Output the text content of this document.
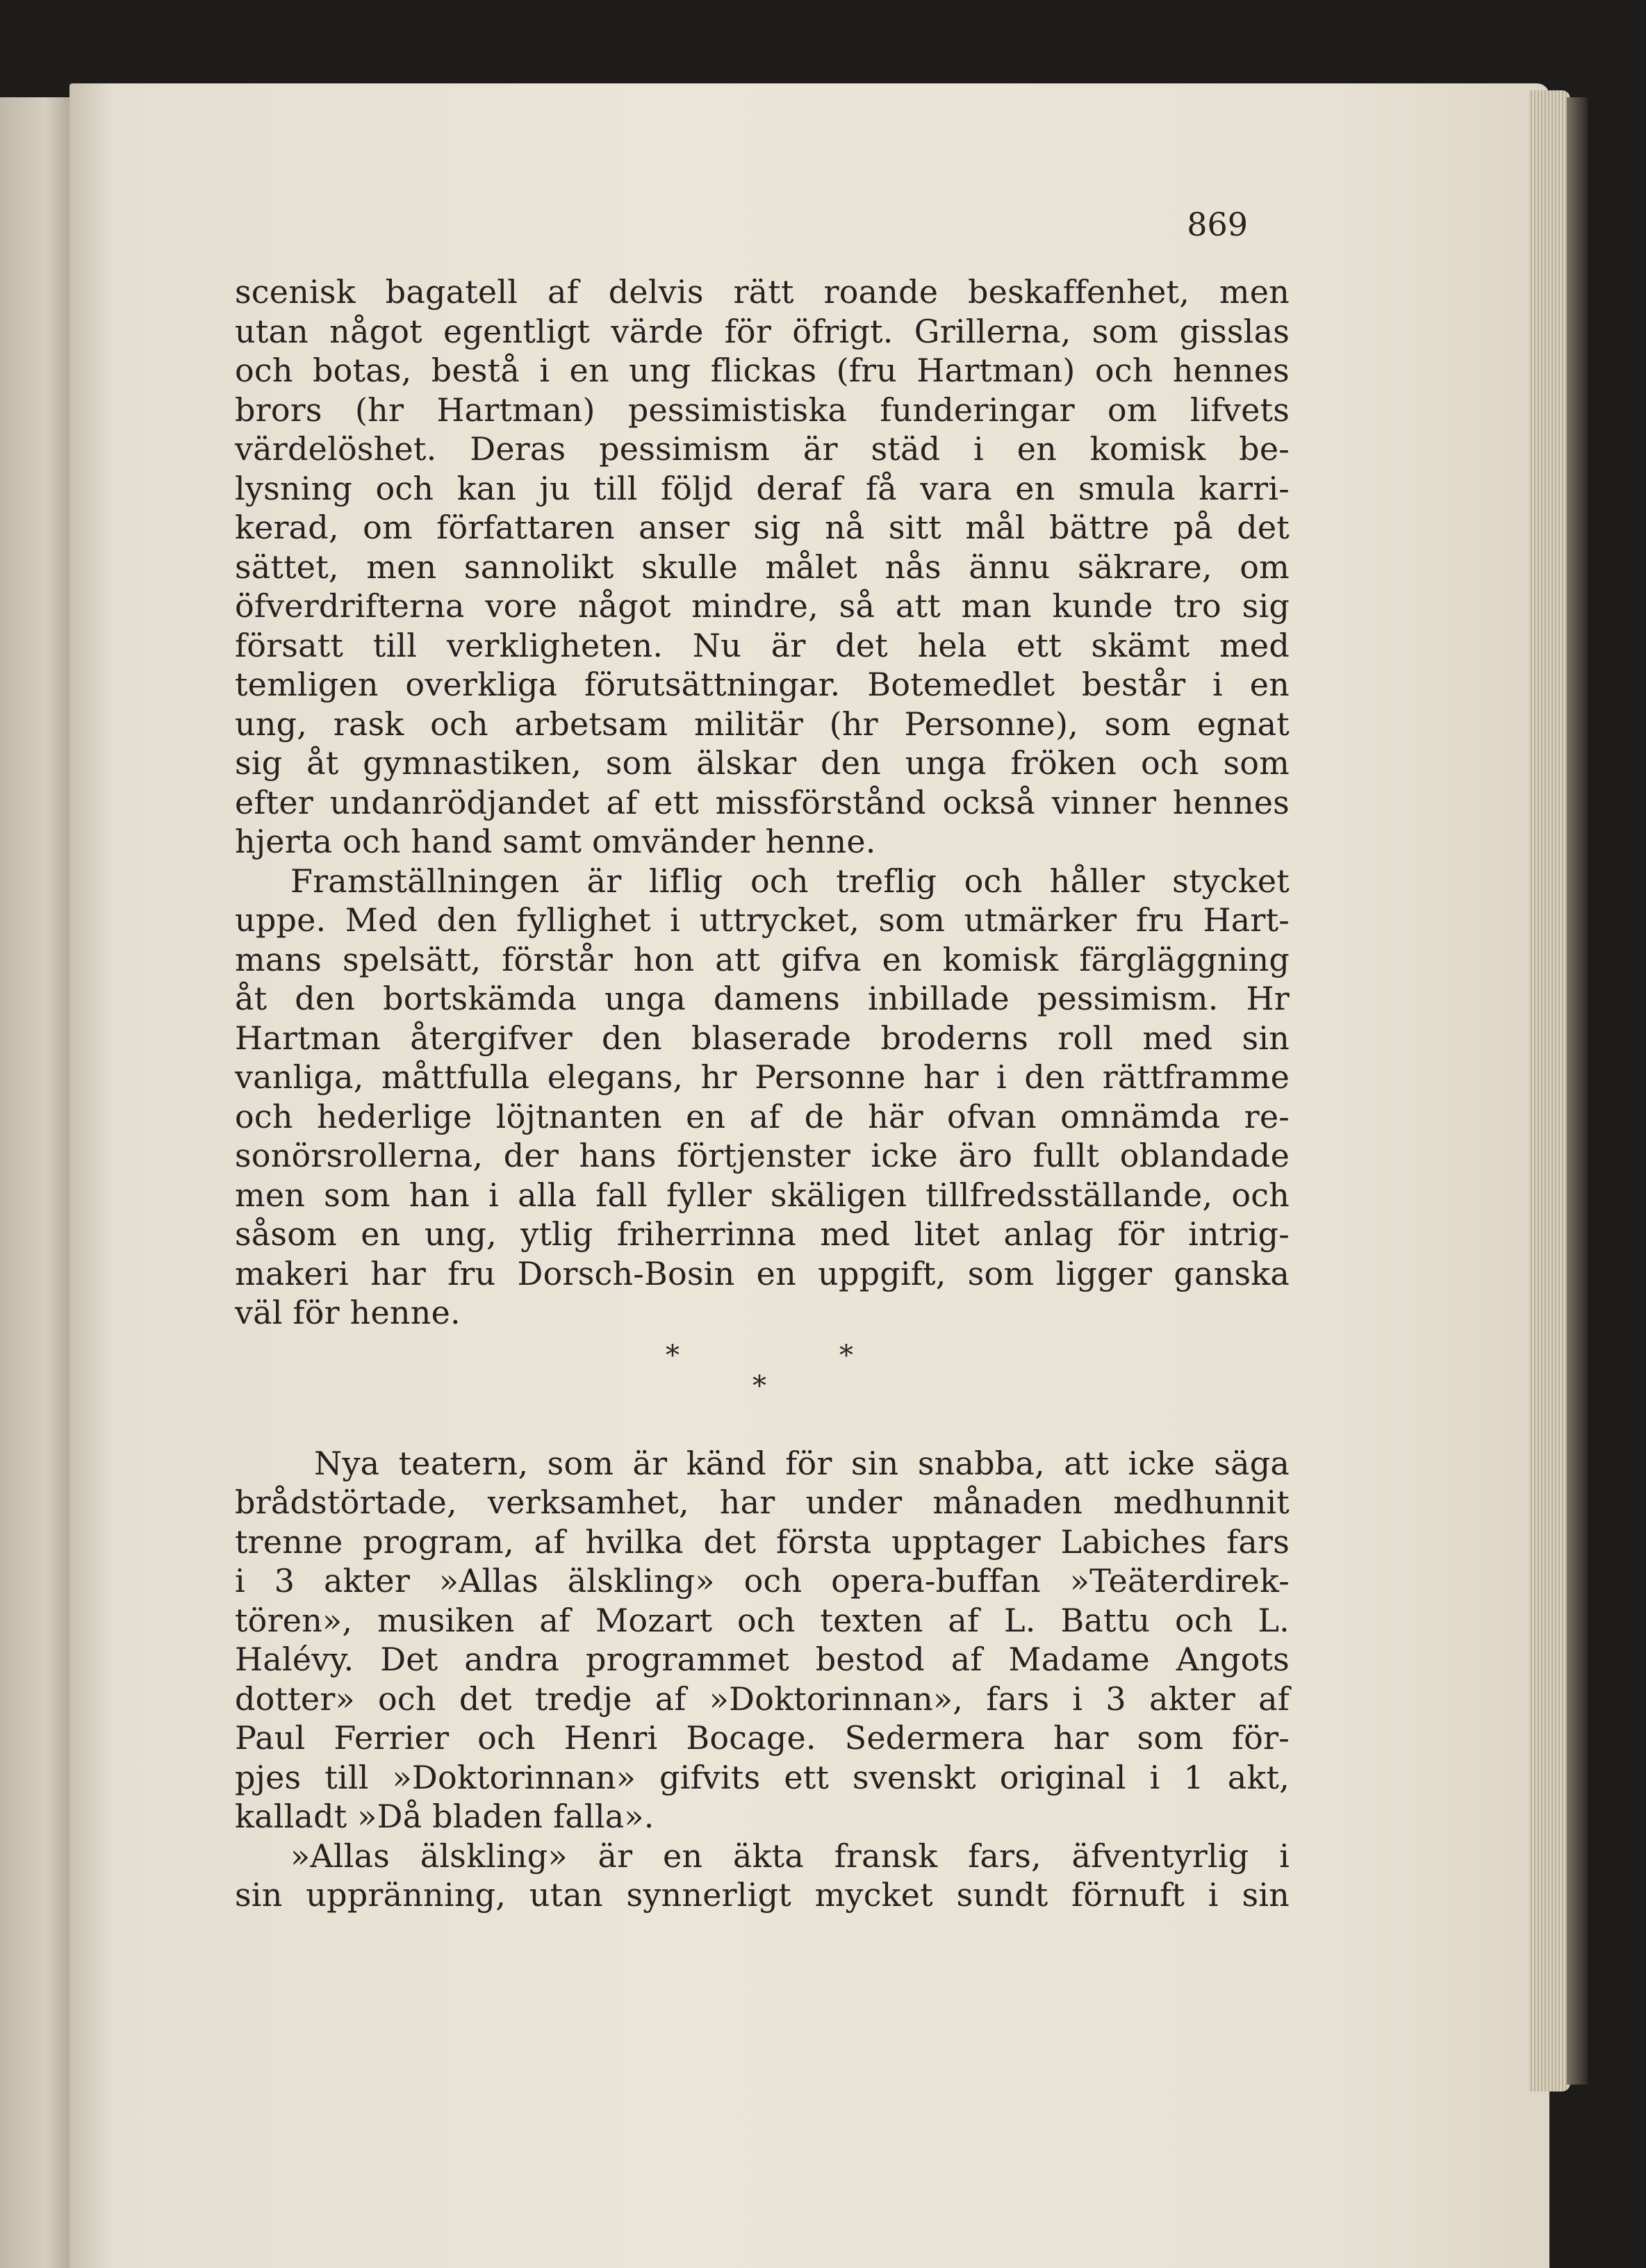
869
scenisk bagatell af delvis rätt roande beskaffenhet, men
utan något egentligt värde för öfrigt. Grillerna, som gisslas
och botas, bestå i en ung flickas (fru Hartman) och hennes
brors (hr Hartman) pessimistiska funderingar om lifvets
värdelöshet. Deras pessimism är städ i en komisk be-
lysning och kan ju till följd deraf få vara en smula karri-
kerad, om författaren anser sig nå sitt mål bättre på det
sättet, men sannolikt skulle målet nås ännu säkrare, om
öfverdrifterna vore något mindre, så att man kunde tro sig
försatt till verkligheten. Nu är det hela ett skämt med
temligen overkliga förutsättningar. Botemedlet består i en
ung, rask och arbetsam militär (hr Personne), som egnat
sig åt gymnastiken, som älskar den unga fröken och som
efter undanrödjandet af ett missförstånd också vinner hennes
hjerta och hand samt omvänder henne.
Framställningen är liflig och treflig och håller stycket
uppe. Med den fyllighet i uttrycket, som utmärker fru Hart-
mans spelsätt, förstår hon att gifva en komisk färgläggning
åt den bortskämda unga damens inbillade pessimism. Hr
Hartman återgifver den blaserade broderns roll med sin
vanliga, måttfulla elegans, hr Personne har i den rättframme
och hederlige löjtnanten en af de här ofvan omnämda re-
sonörsrollerna, der hans förtjenster icke äro fullt oblandade
men som han i alla fall fyller skäligen tillfredsställande, och
såsom en ung, ytlig friherrinna med litet anlag för intrig-
makeri har fru Dorsch-Bosin en uppgift, som ligger ganska
väl för henne.
*	*
*
Nya teatern, som är känd för sin snabba, att icke säga
brådstörtade, verksamhet, har under månaden medhunnit
trenne program, af hvilka det första upptager Labiches fars
i 3 akter »Allas älskling» och opera-buffan »Teäterdirek-
tören», musiken af Mozart och texten af L. Battu och L.
Halévy. Det andra programmet bestod af Madame Angots
dotter» och det tredje af »Doktorinnan», fars i 3 akter af
Paul Ferrier och Henri Bocage. Sedermera har som för-
pjes till »Doktorinnan» gifvits ett svenskt original i 1 akt,
kalladt »Då bladen falla».
»Allas älskling» är en äkta fransk fars, äfventyrlig i
sin uppränning, utan synnerligt mycket sundt förnuft i sin
